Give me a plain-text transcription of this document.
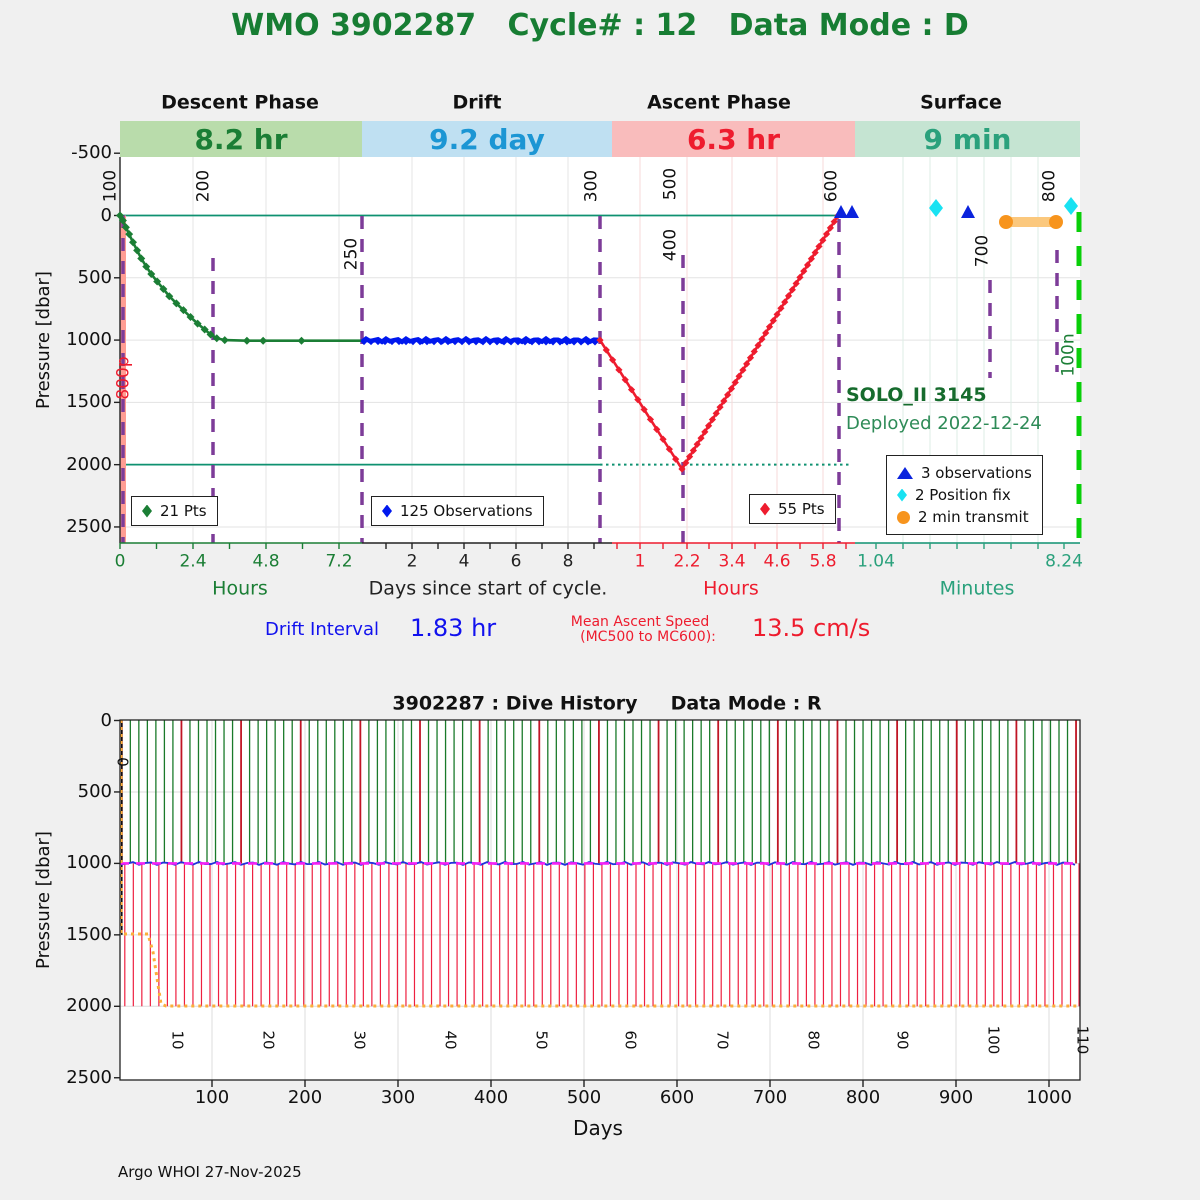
WMO 3902287   Cycle# : 12   Data Mode : D
Pressure [dbar]
Drift Interval 1.83 hr	Mean Ascent Speed
(MC500 to MC600): 13.5 cm/s
SOLO_II 3145
Deployed 2022-12-24
3902287 : Dive History     Data Mode : R
Pressure [dbar]
Days
0
Argo WHOI 27-Nov-2025
Descent Phase	Drift	Ascent Phase	Surface
8.2 hr	9.2 day	6.3 hr	9 min
100	200
250
300	500
400
600
700
800
800p
100n
-500
0
500
1000
1500
2000
2500
0	2.4	4.8	7.2
Hours
2 4 6 8
Days since start of cycle.
1 2.2 3.4 4.6 5.8
Hours
1.04	8.24
Minutes
21 Pts	125 Observations	55 Pts
3 observations
2 Position fix
2 min transmit
0
500
1000
1500
2000
2500
100	200	300	400	500	600	700	800	900	1000
10	20	30	40	50	60	70	80	90	100	110
